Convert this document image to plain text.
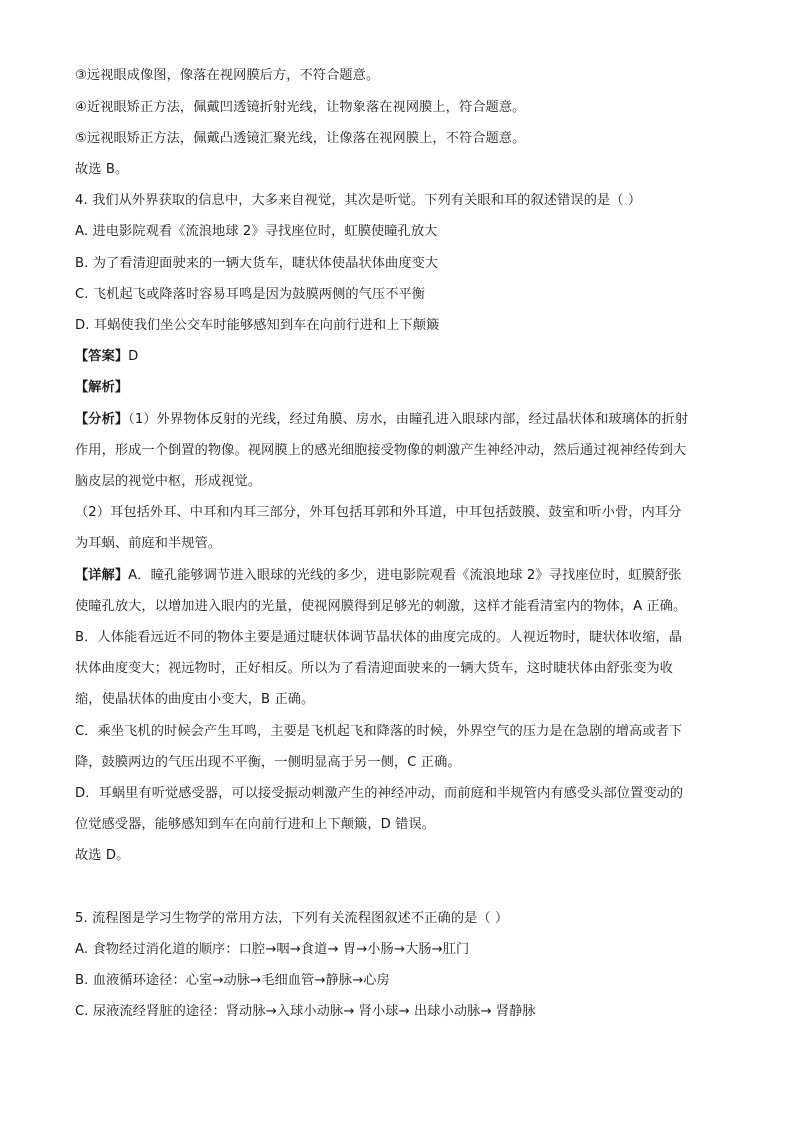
③远视眼成像图，像落在视网膜后方，不符合题意。
④近视眼矫正方法，佩戴凹透镜折射光线，让物象落在视网膜上，符合题意。
⑤远视眼矫正方法，佩戴凸透镜汇聚光线，让像落在视网膜上，不符合题意。
故选 B。
4. 我们从外界获取的信息中，大多来自视觉，其次是听觉。下列有关眼和耳的叙述错误的是（ ）
A. 进电影院观看《流浪地球 2》寻找座位时，虹膜使瞳孔放大
B. 为了看清迎面驶来的一辆大货车，睫状体使晶状体曲度变大
C. 飞机起飞或降落时容易耳鸣是因为鼓膜两侧的气压不平衡
D. 耳蜗使我们坐公交车时能够感知到车在向前行进和上下颠簸
【答案】D
【解析】
【分析】（1）外界物体反射的光线，经过角膜、房水，由瞳孔进入眼球内部，经过晶状体和玻璃体的折射
作用，形成一个倒置的物像。视网膜上的感光细胞接受物像的刺激产生神经冲动，然后通过视神经传到大
脑皮层的视觉中枢，形成视觉。
（2）耳包括外耳、中耳和内耳三部分，外耳包括耳郭和外耳道，中耳包括鼓膜、鼓室和听小骨，内耳分
为耳蜗、前庭和半规管。
【详解】A．瞳孔能够调节进入眼球的光线的多少，进电影院观看《流浪地球 2》寻找座位时，虹膜舒张
使瞳孔放大，以增加进入眼内的光量，使视网膜得到足够光的刺激，这样才能看清室内的物体，A 正确。
B．人体能看远近不同的物体主要是通过睫状体调节晶状体的曲度完成的。人视近物时，睫状体收缩，晶
状体曲度变大；视远物时，正好相反。所以为了看清迎面驶来的一辆大货车，这时睫状体由舒张变为收
缩，使晶状体的曲度由小变大，B 正确。
C．乘坐飞机的时候会产生耳鸣，主要是飞机起飞和降落的时候，外界空气的压力是在急剧的增高或者下
降，鼓膜两边的气压出现不平衡，一侧明显高于另一侧，C 正确。
D．耳蜗里有听觉感受器，可以接受振动刺激产生的神经冲动，而前庭和半规管内有感受头部位置变动的
位觉感受器，能够感知到车在向前行进和上下颠簸，D 错误。
故选 D。
5. 流程图是学习生物学的常用方法，下列有关流程图叙述不正确的是（ ）
A. 食物经过消化道的顺序：口腔→咽→食道→ 胃→小肠→大肠→肛门
B. 血液循环途径：心室→动脉→毛细血管→静脉→心房
C. 尿液流经肾脏的途径：肾动脉→入球小动脉→ 肾小球→ 出球小动脉→ 肾静脉
